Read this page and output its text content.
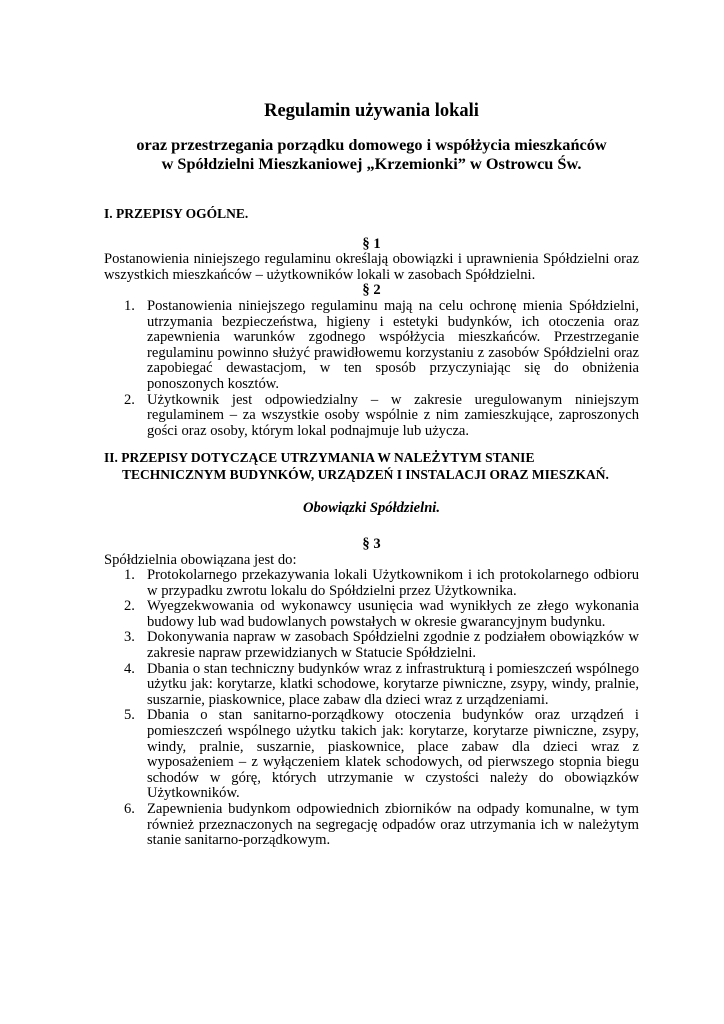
Regulamin używania lokali
oraz przestrzegania porządku domowego i współżycia mieszkańców
w Spółdzielni Mieszkaniowej „Krzemionki” w Ostrowcu Św.
I. PRZEPISY OGÓLNE.
§ 1
Postanowienia niniejszego regulaminu określają obowiązki i uprawnienia Spółdzielni oraz wszystkich mieszkańców – użytkowników lokali w zasobach Spółdzielni.
§ 2
1. Postanowienia niniejszego regulaminu mają na celu ochronę mienia Spółdzielni, utrzymania bezpieczeństwa, higieny i estetyki budynków, ich otoczenia oraz zapewnienia warunków zgodnego współżycia mieszkańców. Przestrzeganie regulaminu powinno służyć prawidłowemu korzystaniu z zasobów Spółdzielni oraz zapobiegać dewastacjom, w ten sposób przyczyniając się do obniżenia ponoszonych kosztów.
2. Użytkownik jest odpowiedzialny – w zakresie uregulowanym niniejszym regulaminem – za wszystkie osoby wspólnie z nim zamieszkujące, zaproszonych gości oraz osoby, którym lokal podnajmuje lub użycza.
II. PRZEPISY DOTYCZĄCE UTRZYMANIA W NALEŻYTYM STANIE
TECHNICZNYM BUDYNKÓW, URZĄDZEŃ I INSTALACJI ORAZ MIESZKAŃ.
Obowiązki Spółdzielni.
§ 3
Spółdzielnia obowiązana jest do:
1. Protokolarnego przekazywania lokali Użytkownikom i ich protokolarnego odbioru w przypadku zwrotu lokalu do Spółdzielni przez Użytkownika.
2. Wyegzekwowania od wykonawcy usunięcia wad wynikłych ze złego wykonania budowy lub wad budowlanych powstałych w okresie gwarancyjnym budynku.
3. Dokonywania napraw w zasobach Spółdzielni zgodnie z podziałem obowiązków w zakresie napraw przewidzianych w Statucie Spółdzielni.
4. Dbania o stan techniczny budynków wraz z infrastrukturą i pomieszczeń wspólnego użytku jak: korytarze, klatki schodowe, korytarze piwniczne, zsypy, windy, pralnie, suszarnie, piaskownice, place zabaw dla dzieci wraz z urządzeniami.
5. Dbania o stan sanitarno-porządkowy otoczenia budynków oraz urządzeń i pomieszczeń wspólnego użytku takich jak: korytarze, korytarze piwniczne, zsypy, windy, pralnie, suszarnie, piaskownice, place zabaw dla dzieci wraz z wyposażeniem – z wyłączeniem klatek schodowych, od pierwszego stopnia biegu schodów w górę, których utrzymanie w czystości należy do obowiązków Użytkowników.
6. Zapewnienia budynkom odpowiednich zbiorników na odpady komunalne, w tym również przeznaczonych na segregację odpadów oraz utrzymania ich w należytym stanie sanitarno-porządkowym.
